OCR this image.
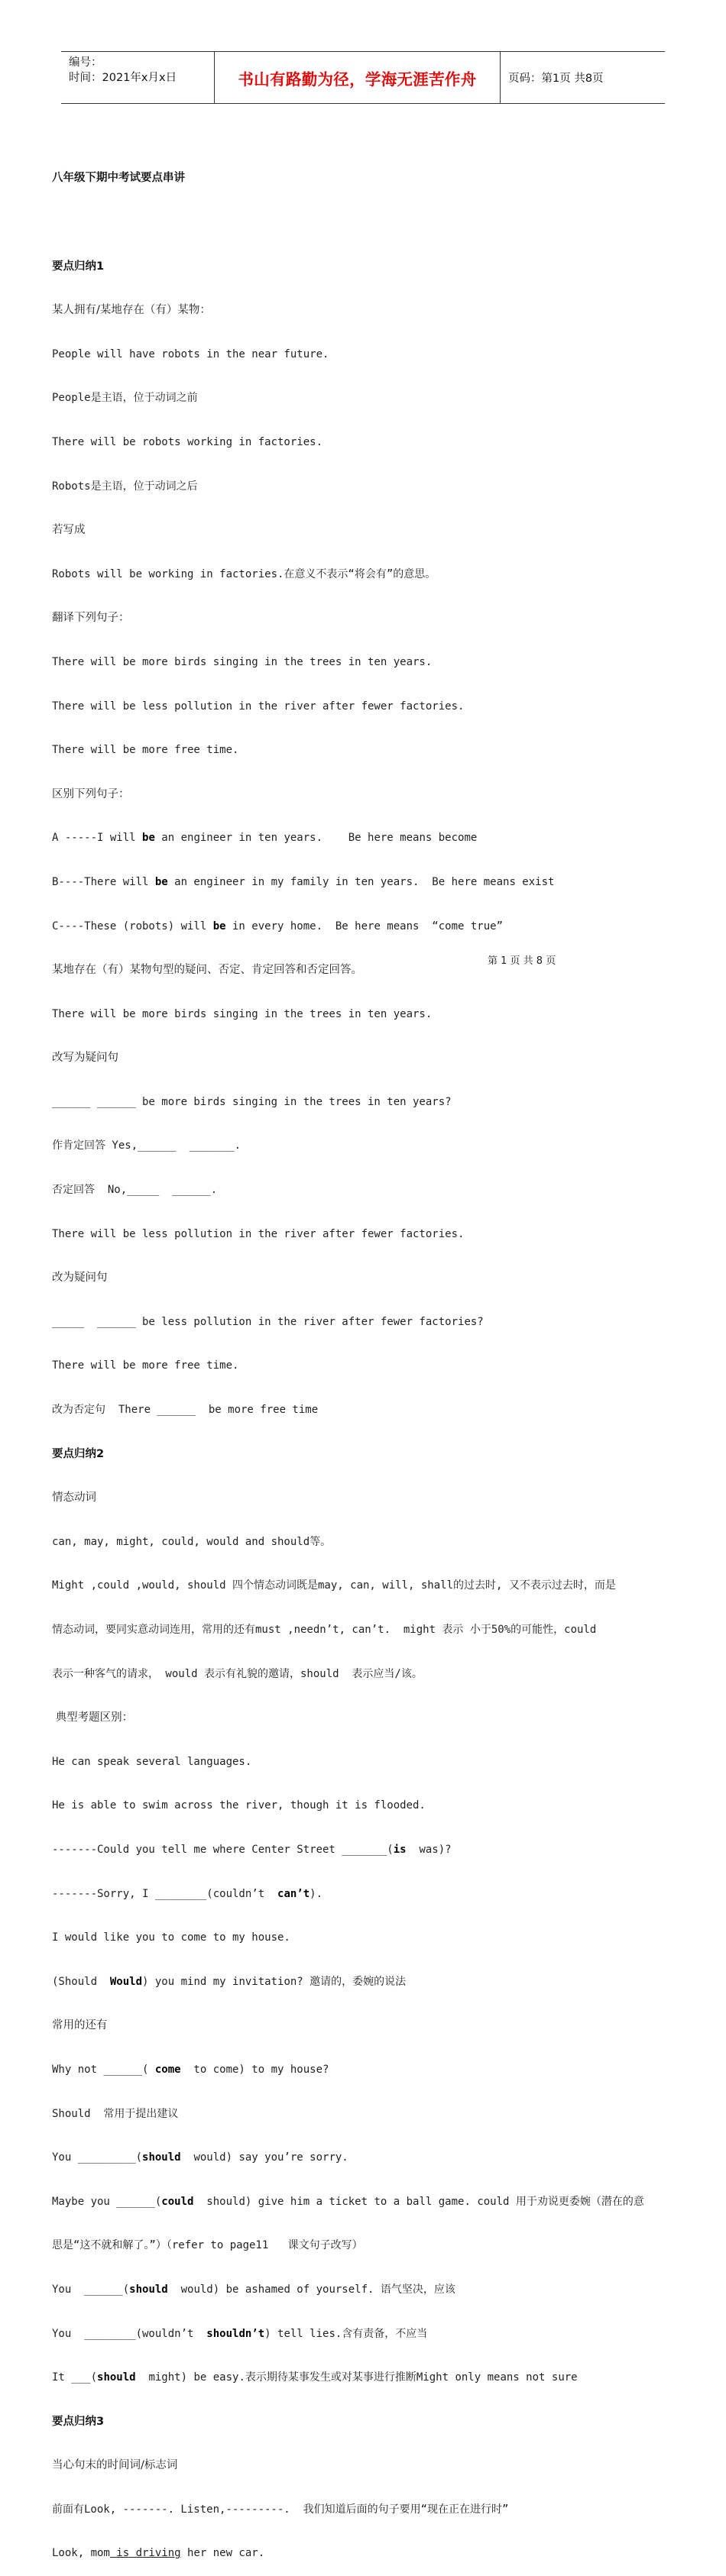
编号：
时间：2021年x月x日	书山有路勤为径，学海无涯苦作舟	页码：第1页 共8页

八年级下期中考试要点串讲

要点归纳1

某人拥有/某地存在（有）某物：

People will have robots in the near future.

People是主语，位于动词之前

There will be robots working in factories.

Robots是主语，位于动词之后

若写成

Robots will be working in factories.在意义不表示“将会有”的意思。

翻译下列句子：

There will be more birds singing in the trees in ten years.

There will be less pollution in the river after fewer factories.

There will be more free time.

区别下列句子：

A -----I will be an engineer in ten years.    Be here means become

B----There will be an engineer in my family in ten years.  Be here means exist

C----These (robots) will be in every home.  Be here means  “come true”

某地存在（有）某物句型的疑问、否定、肯定回答和否定回答。

There will be more birds singing in the trees in ten years.

改写为疑问句

______ ______ be more birds singing in the trees in ten years?

作肯定回答 Yes,______  _______.

否定回答  No,_____  ______.

There will be less pollution in the river after fewer factories.

改为疑问句

_____  ______ be less pollution in the river after fewer factories?

There will be more free time.

改为否定句  There ______  be more free time

要点归纳2

情态动词

can, may, might, could, would and should等。

Might ,could ,would, should 四个情态动词既是may, can, will, shall的过去时, 又不表示过去时，而是

情态动词，要同实意动词连用，常用的还有must ,needn’t, can’t.  might 表示 小于50%的可能性，could

表示一种客气的请求， would 表示有礼貌的邀请，should  表示应当/该。

典型考题区别：

He can speak several languages.

He is able to swim across the river, though it is flooded.

-------Could you tell me where Center Street _______(is  was)?

-------Sorry, I ________(couldn’t  can’t).

I would like you to come to my house.

(Should  Would) you mind my invitation? 邀请的，委婉的说法

常用的还有

Why not ______( come  to come) to my house?

Should  常用于提出建议

You _________(should  would) say you’re sorry.

Maybe you ______(could  should) give him a ticket to a ball game. could 用于劝说更委婉（潜在的意

思是“这不就和解了。”）（refer to page11   课文句子改写）

You  ______(should  would) be ashamed of yourself. 语气坚决，应该

You  ________(wouldn’t  shouldn’t) tell lies.含有责备，不应当

It ___(should  might) be easy.表示期待某事发生或对某事进行推断Might only means not sure

要点归纳3

当心句末的时间词/标志词

前面有Look, -------. Listen,---------.  我们知道后面的句子要用“现在正在进行时”

Look, mom is driving her new car.

第 1 页 共 8 页
